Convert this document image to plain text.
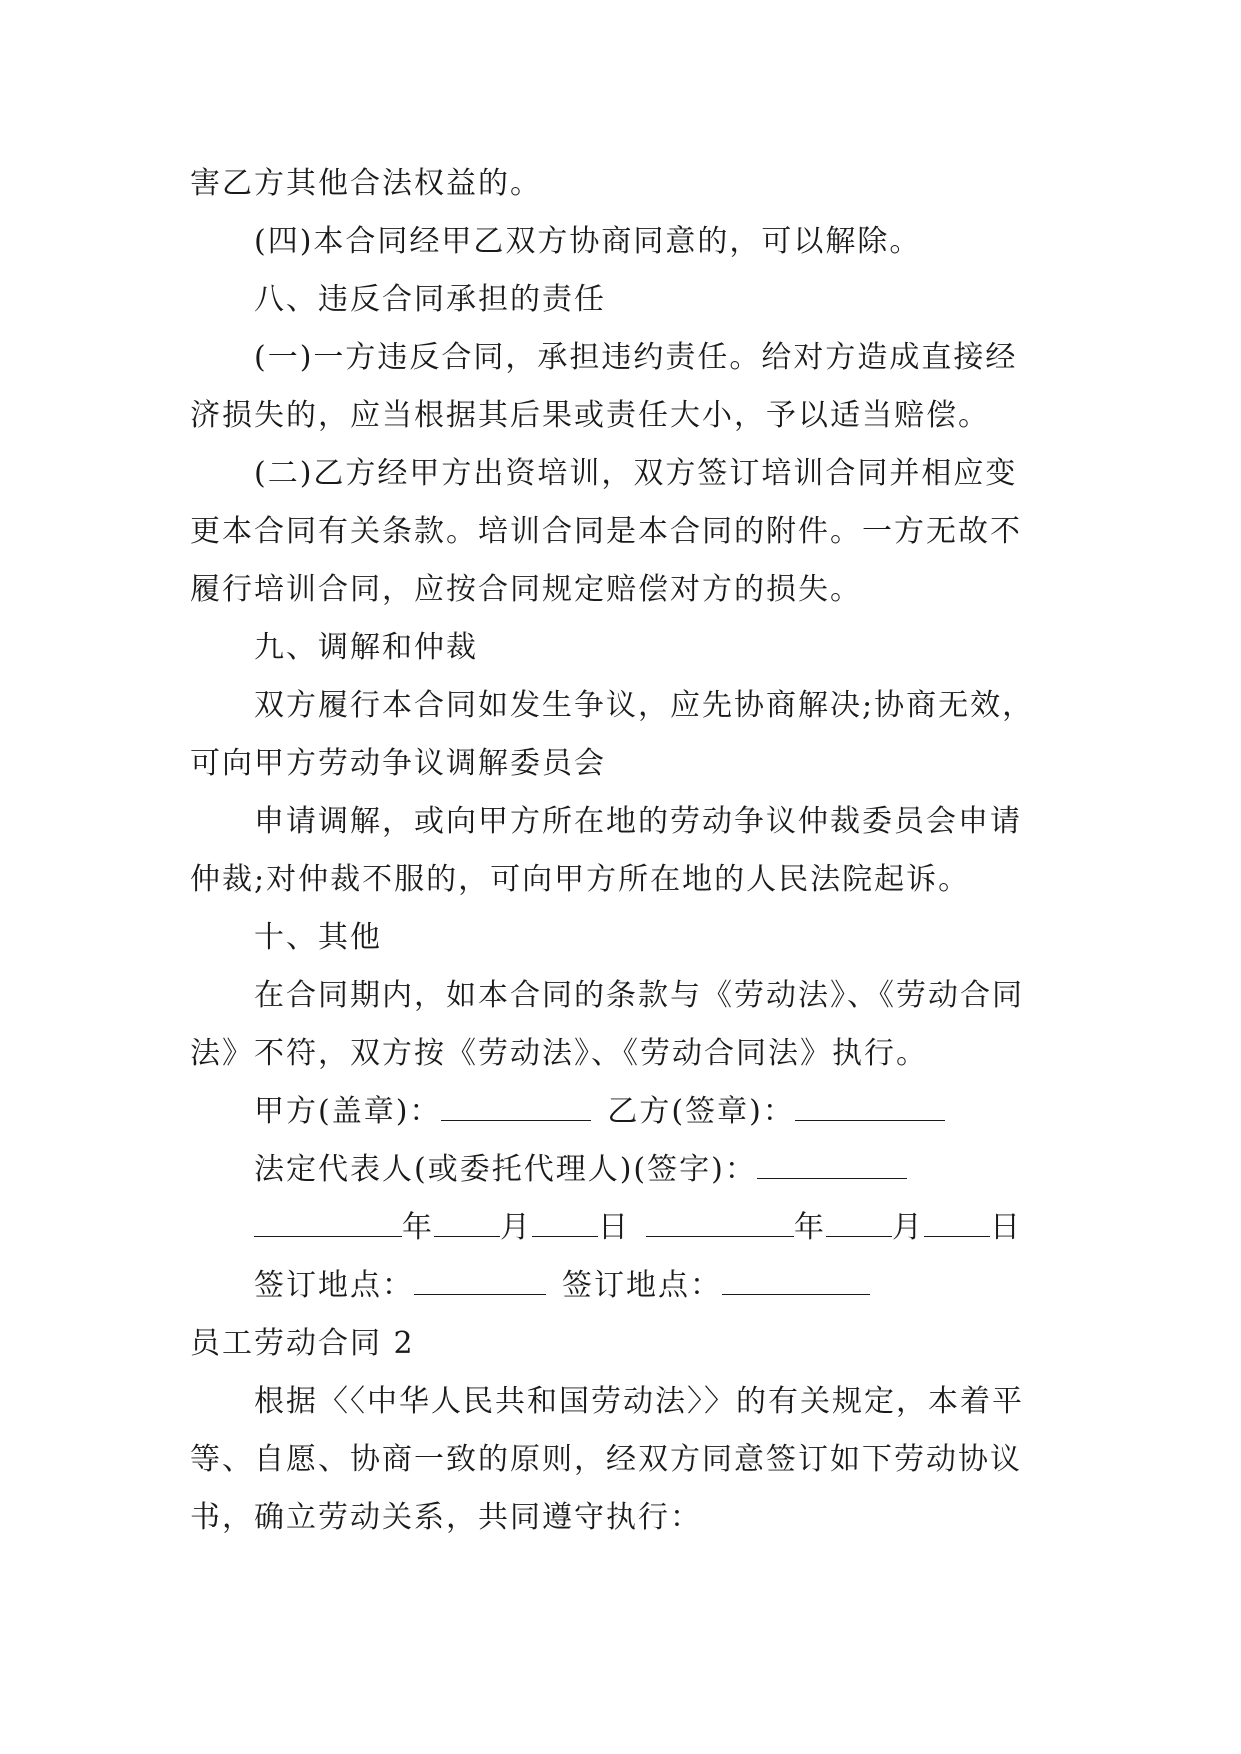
害乙方其他合法权益的。
(四)本合同经甲乙双方协商同意的，可以解除。
八、违反合同承担的责任
(一)一方违反合同，承担违约责任。给对方造成直接经
济损失的，应当根据其后果或责任大小，予以适当赔偿。
(二)乙方经甲方出资培训，双方签订培训合同并相应变
更本合同有关条款。培训合同是本合同的附件。一方无故不
履行培训合同，应按合同规定赔偿对方的损失。
九、调解和仲裁
双方履行本合同如发生争议，应先协商解决;协商无效，
可向甲方劳动争议调解委员会
申请调解，或向甲方所在地的劳动争议仲裁委员会申请
仲裁;对仲裁不服的，可向甲方所在地的人民法院起诉。
十、其他
在合同期内，如本合同的条款与《劳动法》、《劳动合同
法》不符，双方按《劳动法》、《劳动合同法》执行。
甲方(盖章)：	乙方(签章)：
法定代表人(或委托代理人)(签字)：
年 月 日	年 月 日
签订地点：	签订地点：
员工劳动合同 2
根据〈〈中华人民共和国劳动法〉〉的有关规定，本着平
等、自愿、协商一致的原则，经双方同意签订如下劳动协议
书，确立劳动关系，共同遵守执行：
